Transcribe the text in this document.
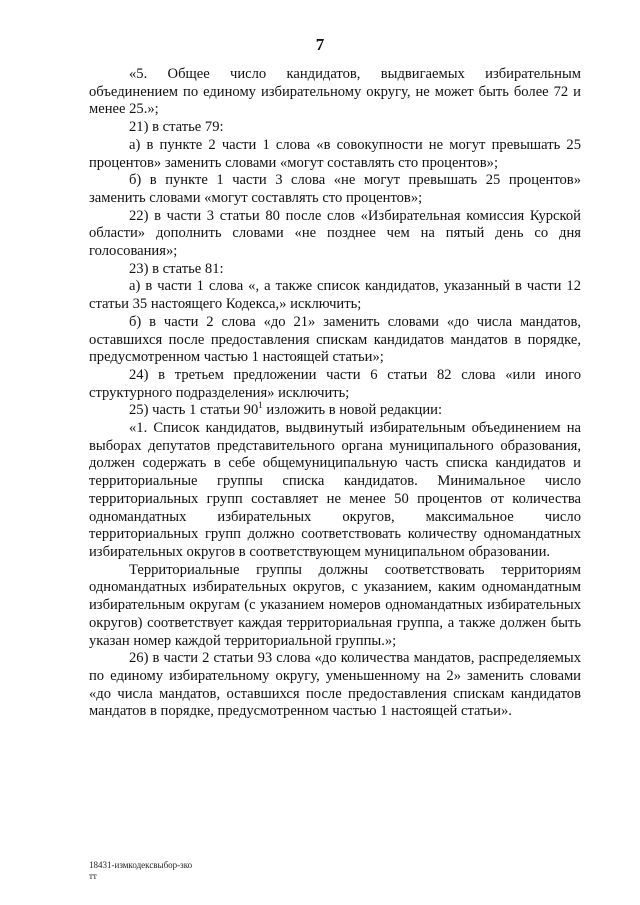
7

«5. Общее число кандидатов, выдвигаемых избирательным объединением по единому избирательному округу, не может быть более 72 и менее 25.»;

21) в статье 79:

а) в пункте 2 части 1 слова «в совокупности не могут превышать 25 процентов» заменить словами «могут составлять сто процентов»;

б) в пункте 1 части 3 слова «не могут превышать 25 процентов» заменить словами «могут составлять сто процентов»;

22) в части 3 статьи 80 после слов «Избирательная комиссия Курской области» дополнить словами «не позднее чем на пятый день со дня голосования»;

23) в статье 81:

а) в части 1 слова «, а также список кандидатов, указанный в части 12 статьи 35 настоящего Кодекса,» исключить;

б) в части 2 слова «до 21» заменить словами «до числа мандатов, оставшихся после предоставления спискам кандидатов мандатов в порядке, предусмотренном частью 1 настоящей статьи»;

24) в третьем предложении части 6 статьи 82 слова «или иного структурного подразделения» исключить;

25) часть 1 статьи $90^1$ изложить в новой редакции:

«1. Список кандидатов, выдвинутый избирательным объединением на выборах депутатов представительного органа муниципального образования, должен содержать в себе общемуниципальную часть списка кандидатов и территориальные группы списка кандидатов. Минимальное число территориальных групп составляет не менее 50 процентов от количества одномандатных избирательных округов, максимальное число территориальных групп должно соответствовать количеству одномандатных избирательных округов в соответствующем муниципальном образовании.

Территориальные группы должны соответствовать территориям одномандатных избирательных округов, с указанием, каким одномандатным избирательным округам (с указанием номеров одномандатных избирательных округов) соответствует каждая территориальная группа, а также должен быть указан номер каждой территориальной группы.»;

26) в части 2 статьи 93 слова «до количества мандатов, распределяемых по единому избирательному округу, уменьшенному на 2» заменить словами «до числа мандатов, оставшихся после предоставления спискам кандидатов мандатов в порядке, предусмотренном частью 1 настоящей статьи».

18431-измкодексвыбор-зко
тт
